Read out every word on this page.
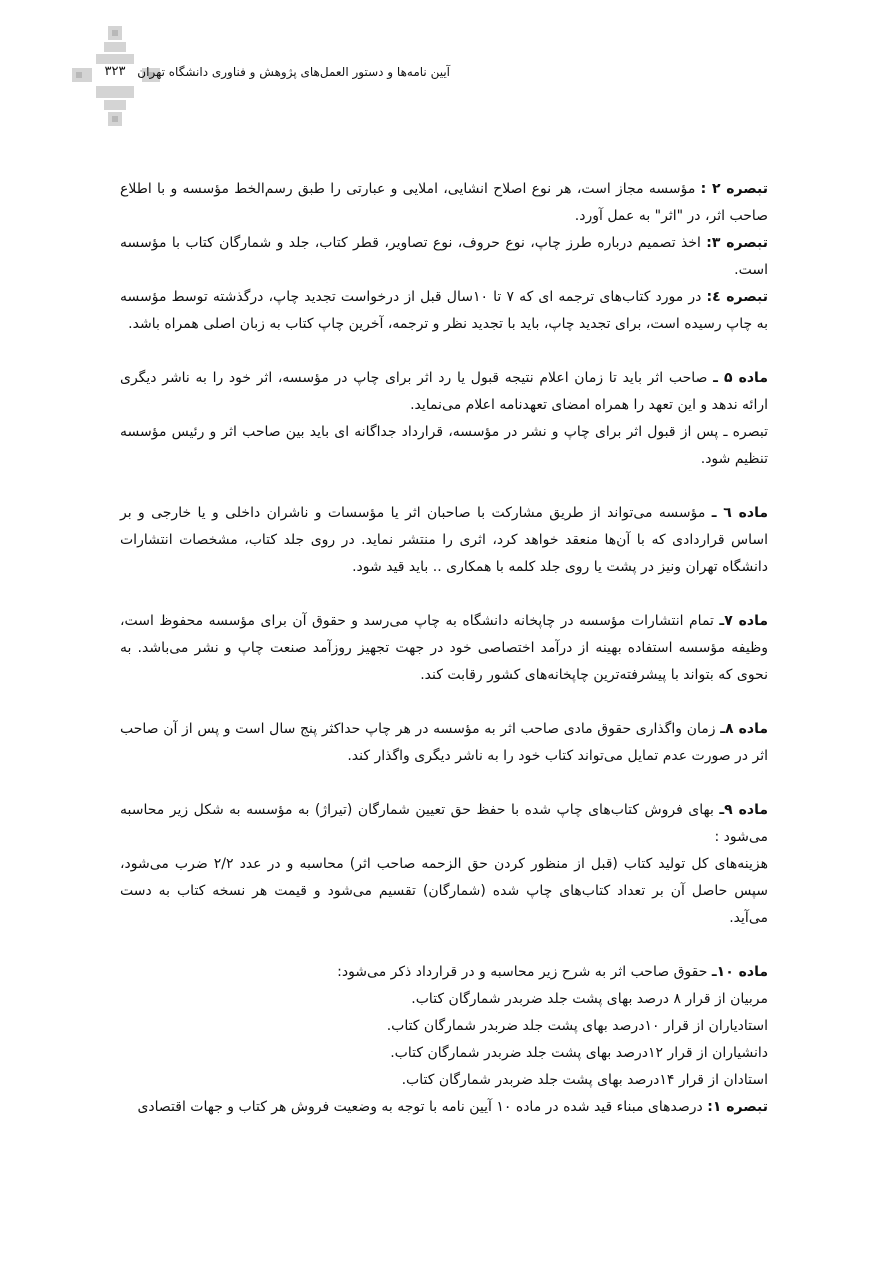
۳۲۳ آیین نامه‌ها و دستور العمل‌های پژوهش و فناوری دانشگاه تهران

تبصره ۲ : مؤسسه مجاز است، هر نوع اصلاح انشایی، املایی و عبارتی را طبق رسم‌الخط مؤسسه و با اطلاع صاحب اثر، در "اثر" به عمل آورد.

تبصره ۳: اخذ تصمیم درباره طرز چاپ، نوع حروف، نوع تصاویر، قطر کتاب، جلد و شمارگان کتاب با مؤسسه است.

تبصره ٤: در مورد کتاب‌های ترجمه ای که ۷ تا ۱۰سال قبل از درخواست تجدید چاپ، درگذشته توسط مؤسسه به چاپ رسیده است، برای تجدید چاپ، باید با تجدید نظر و ترجمه، آخرین چاپ کتاب به زبان اصلی همراه باشد.

ماده ۵ ـ صاحب اثر باید تا زمان اعلام نتیجه قبول یا رد اثر برای چاپ در مؤسسه، اثر خود را به ناشر دیگری ارائه ندهد و این تعهد را همراه امضای تعهدنامه اعلام می‌نماید.

تبصره ـ پس از قبول اثر برای چاپ و نشر در مؤسسه، قرارداد جداگانه ای باید بین صاحب اثر و رئیس مؤسسه تنظیم شود.

ماده ٦ ـ مؤسسه می‌تواند از طریق مشارکت با صاحبان اثر یا مؤسسات و ناشران داخلی و یا خارجی و بر اساس قراردادی که با آن‌ها منعقد خواهد کرد، اثری را منتشر نماید. در روی جلد کتاب، مشخصات انتشارات دانشگاه تهران ونیز در پشت یا روی جلد کلمه با همکاری .. باید قید شود.

ماده ۷ـ تمام انتشارات مؤسسه در چاپخانه دانشگاه به چاپ می‌رسد و حقوق آن برای مؤسسه محفوظ است، وظیفه مؤسسه استفاده بهینه از درآمد اختصاصی خود در جهت تجهیز روزآمد صنعت چاپ و نشر می‌باشد. به نحوی که بتواند با پیشرفته‌ترین چاپخانه‌های کشور رقابت کند.

ماده ۸ـ زمان واگذاری حقوق مادی صاحب اثر به مؤسسه در هر چاپ حداکثر پنج سال است و پس از آن صاحب اثر در صورت عدم تمایل می‌تواند کتاب خود را به ناشر دیگری واگذار کند.

ماده ۹ـ بهای فروش کتاب‌های چاپ شده با حفظ حق تعیین شمارگان (تیراژ) به مؤسسه به شکل زیر محاسبه می‌شود :

هزینه‌های کل تولید کتاب (قبل از منظور کردن حق الزحمه صاحب اثر) محاسبه و در عدد ۲/۲ ضرب می‌شود، سپس حاصل آن بر تعداد کتاب‌های چاپ شده (شمارگان) تقسیم می‌شود و قیمت هر نسخه کتاب به دست می‌آید.

ماده ۱۰ـ حقوق صاحب اثر به شرح زیر محاسبه و در قرارداد ذکر می‌شود:

مربیان از قرار ۸ درصد بهای پشت جلد ضربدر شمارگان کتاب.

استادیاران از قرار ۱۰درصد بهای پشت جلد ضربدر شمارگان کتاب.

دانشیاران از قرار ۱۲درصد بهای پشت جلد ضربدر شمارگان کتاب.

استادان از قرار ۱۴درصد بهای پشت جلد ضربدر شمارگان کتاب.

تبصره ۱: درصدهای مبناء قید شده در ماده ۱۰ آیین نامه با توجه به وضعیت فروش هر کتاب و جهات اقتصادی
